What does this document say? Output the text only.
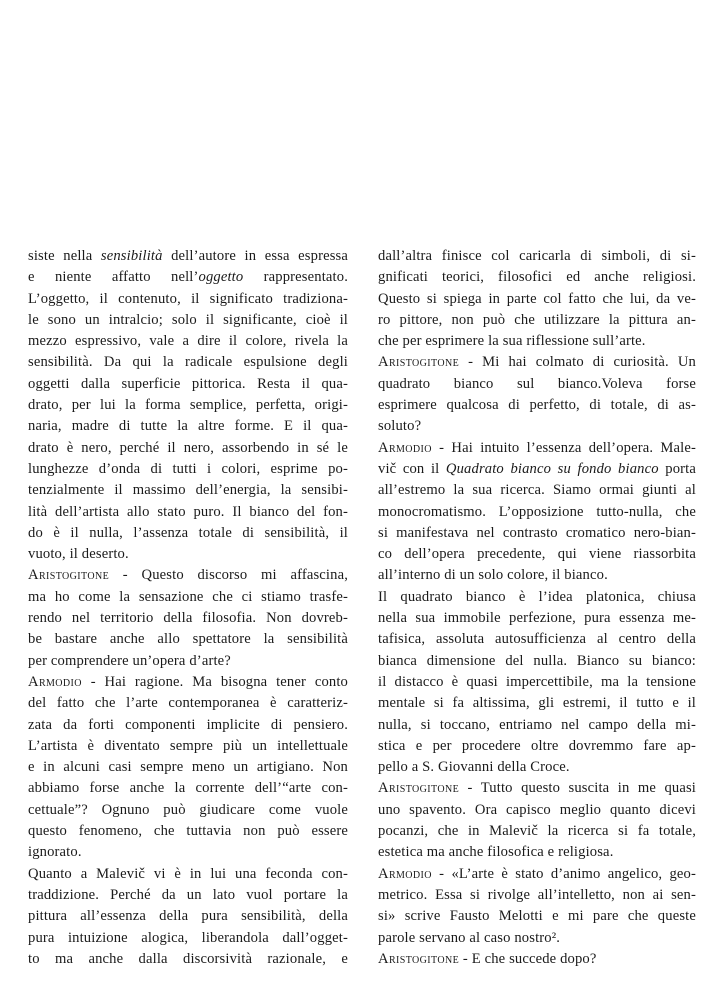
siste nella sensibilità dell’autore in essa espressa
e niente affatto nell’oggetto rappresentato.
L’oggetto, il contenuto, il significato tradiziona-
le sono un intralcio; solo il significante, cioè il
mezzo espressivo, vale a dire il colore, rivela la
sensibilità. Da qui la radicale espulsione degli
oggetti dalla superficie pittorica. Resta il qua-
drato, per lui la forma semplice, perfetta, origi-
naria, madre di tutte la altre forme. E il qua-
drato è nero, perché il nero, assorbendo in sé le
lunghezze d’onda di tutti i colori, esprime po-
tenzialmente il massimo dell’energia, la sensibi-
lità dell’artista allo stato puro. Il bianco del fon-
do è il nulla, l’assenza totale di sensibilità, il
vuoto, il deserto.
Aristogitone - Questo discorso mi affascina,
ma ho come la sensazione che ci stiamo trasfe-
rendo nel territorio della filosofia. Non dovreb-
be bastare anche allo spettatore la sensibilità
per comprendere un’opera d’arte?
Armodio - Hai ragione. Ma bisogna tener conto
del fatto che l’arte contemporanea è caratteriz-
zata da forti componenti implicite di pensiero.
L’artista è diventato sempre più un intellettuale
e in alcuni casi sempre meno un artigiano. Non
abbiamo forse anche la corrente dell’“arte con-
cettuale”? Ognuno può giudicare come vuole
questo fenomeno, che tuttavia non può essere
ignorato.
Quanto a Malevič vi è in lui una feconda con-
traddizione. Perché da un lato vuol portare la
pittura all’essenza della pura sensibilità, della
pura intuizione alogica, liberandola dall’ogget-
to ma anche dalla discorsività razionale, e
dall’altra finisce col caricarla di simboli, di si-
gnificati teorici, filosofici ed anche religiosi.
Questo si spiega in parte col fatto che lui, da ve-
ro pittore, non può che utilizzare la pittura an-
che per esprimere la sua riflessione sull’arte.
Aristogitone - Mi hai colmato di curiosità. Un
quadrato bianco sul bianco.Voleva forse
esprimere qualcosa di perfetto, di totale, di as-
soluto?
Armodio - Hai intuito l’essenza dell’opera. Male-
vič con il Quadrato bianco su fondo bianco porta
all’estremo la sua ricerca. Siamo ormai giunti al
monocromatismo. L’opposizione tutto-nulla, che
si manifestava nel contrasto cromatico nero-bian-
co dell’opera precedente, qui viene riassorbita
all’interno di un solo colore, il bianco.
Il quadrato bianco è l’idea platonica, chiusa
nella sua immobile perfezione, pura essenza me-
tafisica, assoluta autosufficienza al centro della
bianca dimensione del nulla. Bianco su bianco:
il distacco è quasi impercettibile, ma la tensione
mentale si fa altissima, gli estremi, il tutto e il
nulla, si toccano, entriamo nel campo della mi-
stica e per procedere oltre dovremmo fare ap-
pello a S. Giovanni della Croce.
Aristogitone - Tutto questo suscita in me quasi
uno spavento. Ora capisco meglio quanto dicevi
pocanzi, che in Malevič la ricerca si fa totale,
estetica ma anche filosofica e religiosa.
Armodio - «L’arte è stato d’animo angelico, geo-
metrico. Essa si rivolge all’intelletto, non ai sen-
si» scrive Fausto Melotti e mi pare che queste
parole servano al caso nostro².
Aristogitone - E che succede dopo?
